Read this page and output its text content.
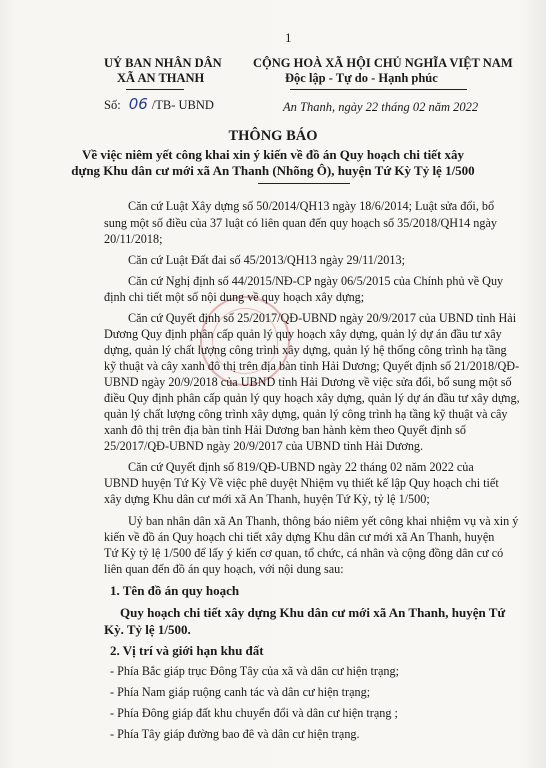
1
UỶ BAN NHÂN DÂN
XÃ AN THANH
CỘNG HOÀ XÃ HỘI CHỦ NGHĨA VIỆT NAM
Độc lập - Tự do - Hạnh phúc
Số: 06 /TB- UBND	An Thanh, ngày 22 tháng 02 năm 2022
THÔNG BÁO
Về việc niêm yết công khai xin ý kiến về đồ án Quy hoạch chi tiết xây
dựng Khu dân cư mới xã An Thanh (Nhõng Ô), huyện Tứ Kỳ Tỷ lệ 1/500
Căn cứ Luật Xây dựng số 50/2014/QH13 ngày 18/6/2014; Luật sửa đổi, bổ
sung một số điều của 37 luật có liên quan đến quy hoạch số 35/2018/QH14 ngày
20/11/2018;
Căn cứ Luật Đất đai số 45/2013/QH13 ngày 29/11/2013;
Căn cứ Nghị định số 44/2015/NĐ-CP ngày 06/5/2015 của Chính phủ về Quy
định chi tiết một số nội dung về quy hoạch xây dựng;
Căn cứ Quyết định số 25/2017/QĐ-UBND ngày 20/9/2017 của UBND tỉnh Hải
Dương Quy định phân cấp quản lý quy hoạch xây dựng, quản lý dự án đầu tư xây
dựng, quản lý chất lượng công trình xây dựng, quản lý hệ thống công trình hạ tầng
kỹ thuật và cây xanh đô thị trên địa bàn tỉnh Hải Dương; Quyết định số 21/2018/QĐ-
UBND ngày 20/9/2018 của UBND tỉnh Hải Dương về việc sửa đổi, bổ sung một số
điều Quy định phân cấp quản lý quy hoạch xây dựng, quản lý dự án đầu tư xây dựng,
quản lý chất lượng công trình xây dựng, quản lý công trình hạ tầng kỹ thuật và cây
xanh đô thị trên địa bàn tỉnh Hải Dương ban hành kèm theo Quyết định số
25/2017/QĐ-UBND ngày 20/9/2017 của UBND tỉnh Hải Dương.
Căn cứ Quyết định số 819/QĐ-UBND ngày 22 tháng 02 năm 2022 của
UBND huyện Tứ Kỳ Về việc phê duyệt Nhiệm vụ thiết kế lập Quy hoạch chi tiết
xây dựng Khu dân cư mới xã An Thanh, huyện Tứ Kỳ, tỷ lệ 1/500;
Uỷ ban nhân dân xã An Thanh, thông báo niêm yết công khai nhiệm vụ và xin ý
kiến về đồ án Quy hoạch chi tiết xây dựng Khu dân cư mới xã An Thanh, huyện
Tứ Kỳ tỷ lệ 1/500 để lấy ý kiến cơ quan, tổ chức, cá nhân và cộng đồng dân cư có
liên quan đến đồ án quy hoạch, với nội dung sau:
1. Tên đồ án quy hoạch
Quy hoạch chi tiết xây dựng Khu dân cư mới xã An Thanh, huyện Tứ
Kỳ. Tỷ lệ 1/500.
2. Vị trí và giới hạn khu đất
- Phía Bắc giáp trục Đông Tây của xã và dân cư hiện trạng;
- Phía Nam giáp ruộng canh tác và dân cư hiện trạng;
- Phía Đông giáp đất khu chuyển đổi và dân cư hiện trạng ;
- Phía Tây giáp đường bao đê và dân cư hiện trạng.
